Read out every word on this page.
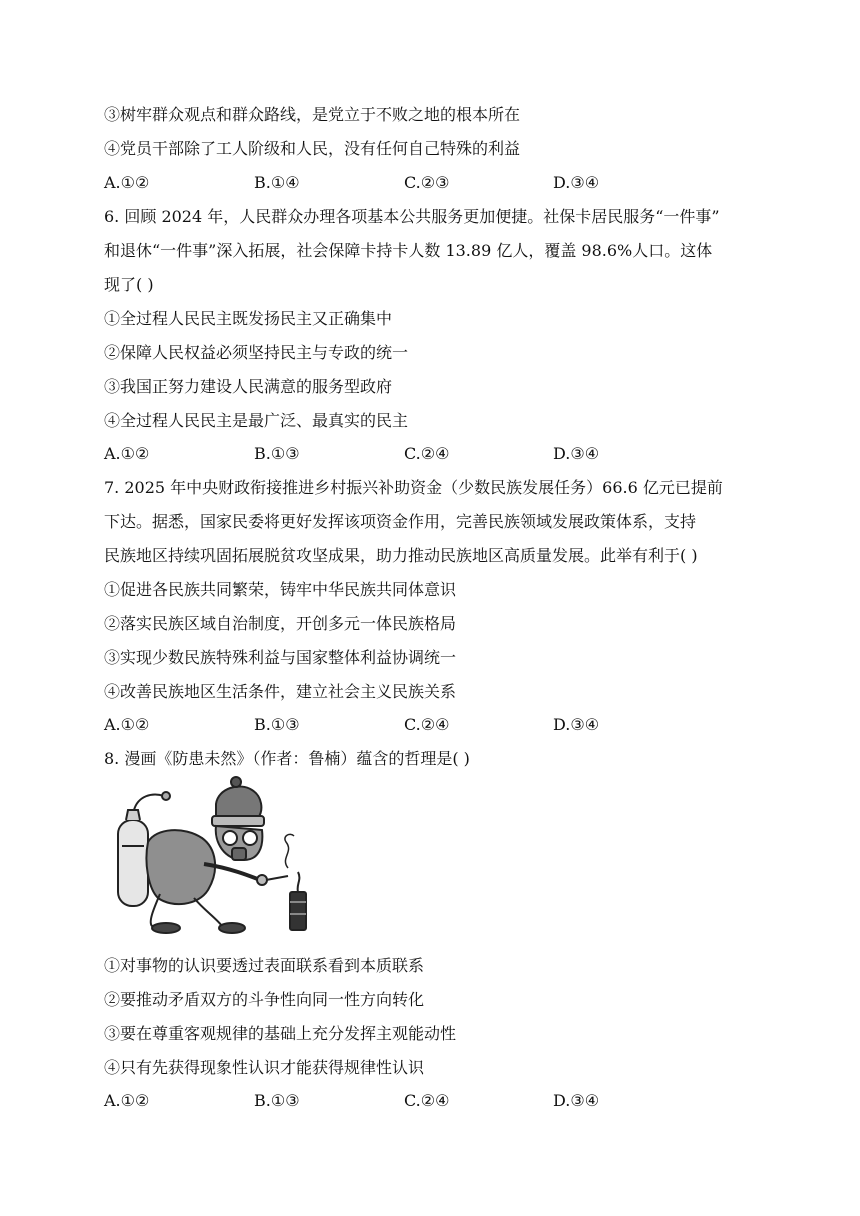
③树牢群众观点和群众路线，是党立于不败之地的根本所在
④党员干部除了工人阶级和人民，没有任何自己特殊的利益
A.①②	B.①④	C.②③	D.③④
6. 回顾 2024 年，人民群众办理各项基本公共服务更加便捷。社保卡居民服务“一件事”
和退休“一件事”深入拓展，社会保障卡持卡人数 13.89 亿人，覆盖 98.6%人口。这体
现了( )
①全过程人民民主既发扬民主又正确集中
②保障人民权益必须坚持民主与专政的统一
③我国正努力建设人民满意的服务型政府
④全过程人民民主是最广泛、最真实的民主
A.①②	B.①③	C.②④	D.③④
7. 2025 年中央财政衔接推进乡村振兴补助资金（少数民族发展任务）66.6 亿元已提前
下达。据悉，国家民委将更好发挥该项资金作用，完善民族领域发展政策体系，支持
民族地区持续巩固拓展脱贫攻坚成果，助力推动民族地区高质量发展。此举有利于( )
①促进各民族共同繁荣，铸牢中华民族共同体意识
②落实民族区域自治制度，开创多元一体民族格局
③实现少数民族特殊利益与国家整体利益协调统一
④改善民族地区生活条件，建立社会主义民族关系
A.①②	B.①③	C.②④	D.③④
8. 漫画《防患未然》（作者：鲁楠）蕴含的哲理是( )
①对事物的认识要透过表面联系看到本质联系
②要推动矛盾双方的斗争性向同一性方向转化
③要在尊重客观规律的基础上充分发挥主观能动性
④只有先获得现象性认识才能获得规律性认识
A.①②	B.①③	C.②④	D.③④
